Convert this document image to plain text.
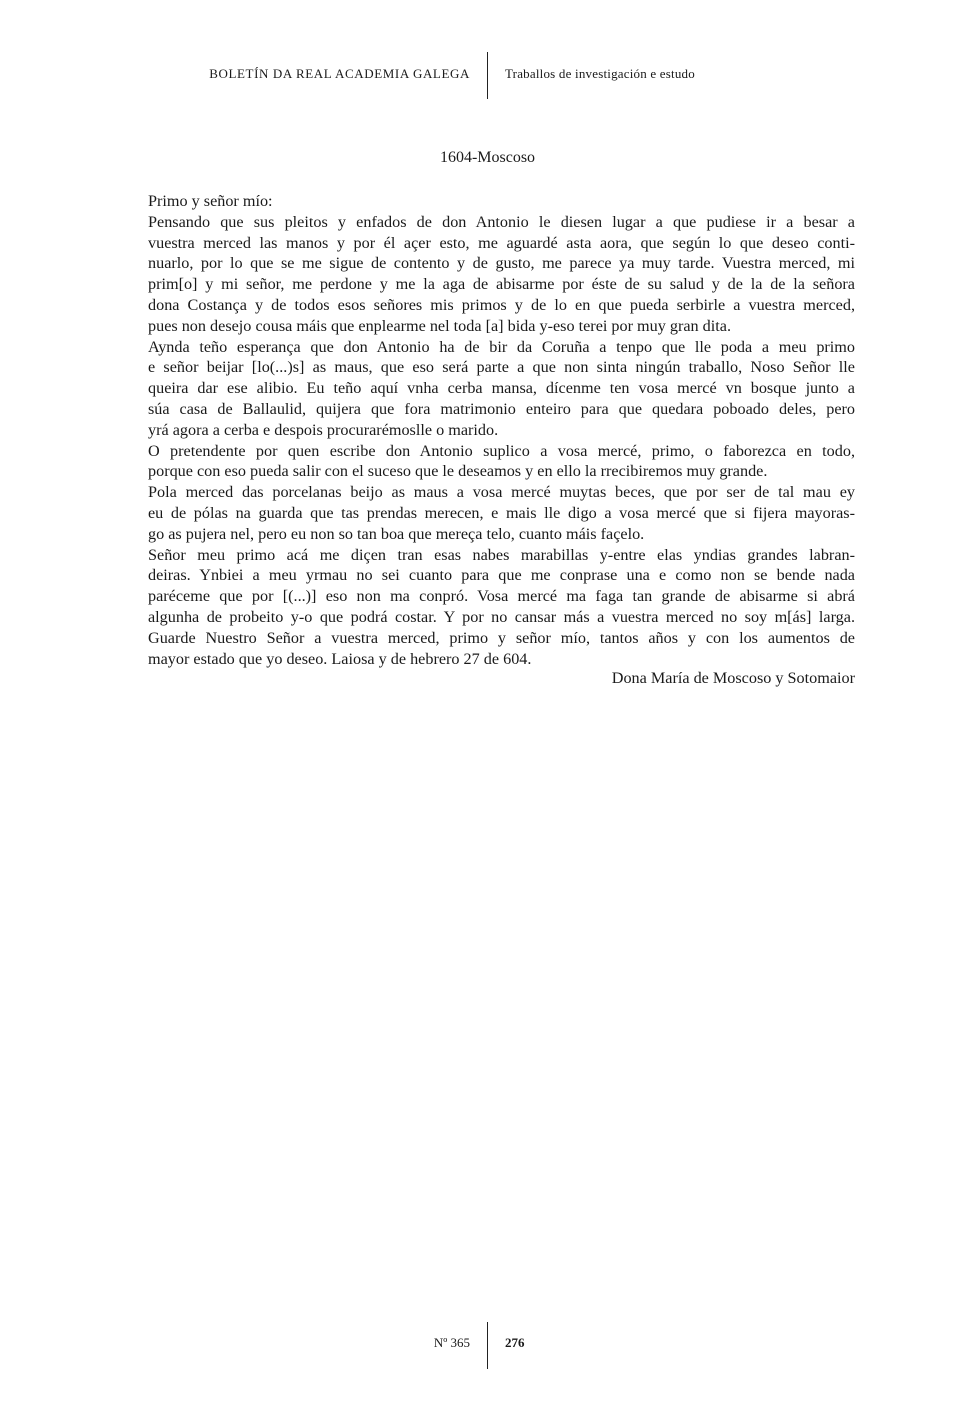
BOLETÍN DA REAL ACADEMIA GALEGA	Traballos de investigación e estudo
1604-Moscoso
Primo y señor mío:
Pensando que sus pleitos y enfados de don Antonio le diesen lugar a que pudiese ir a besar a
vuestra merced las manos y por él açer esto, me aguardé asta aora, que según lo que deseo conti-
nuarlo, por lo que se me sigue de contento y de gusto, me parece ya muy tarde. Vuestra merced, mi
prim[o] y mi señor, me perdone y me la aga de abisarme por éste de su salud y de la de la señora
dona Costança y de todos esos señores mis primos y de lo en que pueda serbirle a vuestra merced,
pues non desejo cousa máis que enplearme nel toda [a] bida y-eso terei por muy gran dita.
Aynda teño esperança que don Antonio ha de bir da Coruña a tenpo que lle poda a meu primo
e señor beijar [lo(...)s] as maus, que eso será parte a que non sinta ningún traballo, Noso Señor lle
queira dar ese alibio. Eu teño aquí vnha cerba mansa, dícenme ten vosa mercé vn bosque junto a
súa casa de Ballaulid, quijera que fora matrimonio enteiro para que quedara poboado deles, pero
yrá agora a cerba e despois procurarémoslle o marido.
O pretendente por quen escribe don Antonio suplico a vosa mercé, primo, o faborezca en todo,
porque con eso pueda salir con el suceso que le deseamos y en ello la rrecibiremos muy grande.
Pola merced das porcelanas beijo as maus a vosa mercé muytas beces, que por ser de tal mau ey
eu de pólas na guarda que tas prendas merecen, e mais lle digo a vosa mercé que si fijera mayoras-
go as pujera nel, pero eu non so tan boa que mereça telo, cuanto máis façelo.
Señor meu primo acá me diçen tran esas nabes marabillas y-entre elas yndias grandes labran-
deiras. Ynbiei a meu yrmau no sei cuanto para que me conprase una e como non se bende nada
paréceme que por [(...)] eso non ma conpró. Vosa mercé ma faga tan grande de abisarme si abrá
algunha de probeito y-o que podrá costar. Y por no cansar más a vuestra merced no soy m[ás] larga.
Guarde Nuestro Señor a vuestra merced, primo y señor mío, tantos años y con los aumentos de
mayor estado que yo deseo. Laiosa y de hebrero 27 de 604.
Dona María de Moscoso y Sotomaior
Nº 365	276
